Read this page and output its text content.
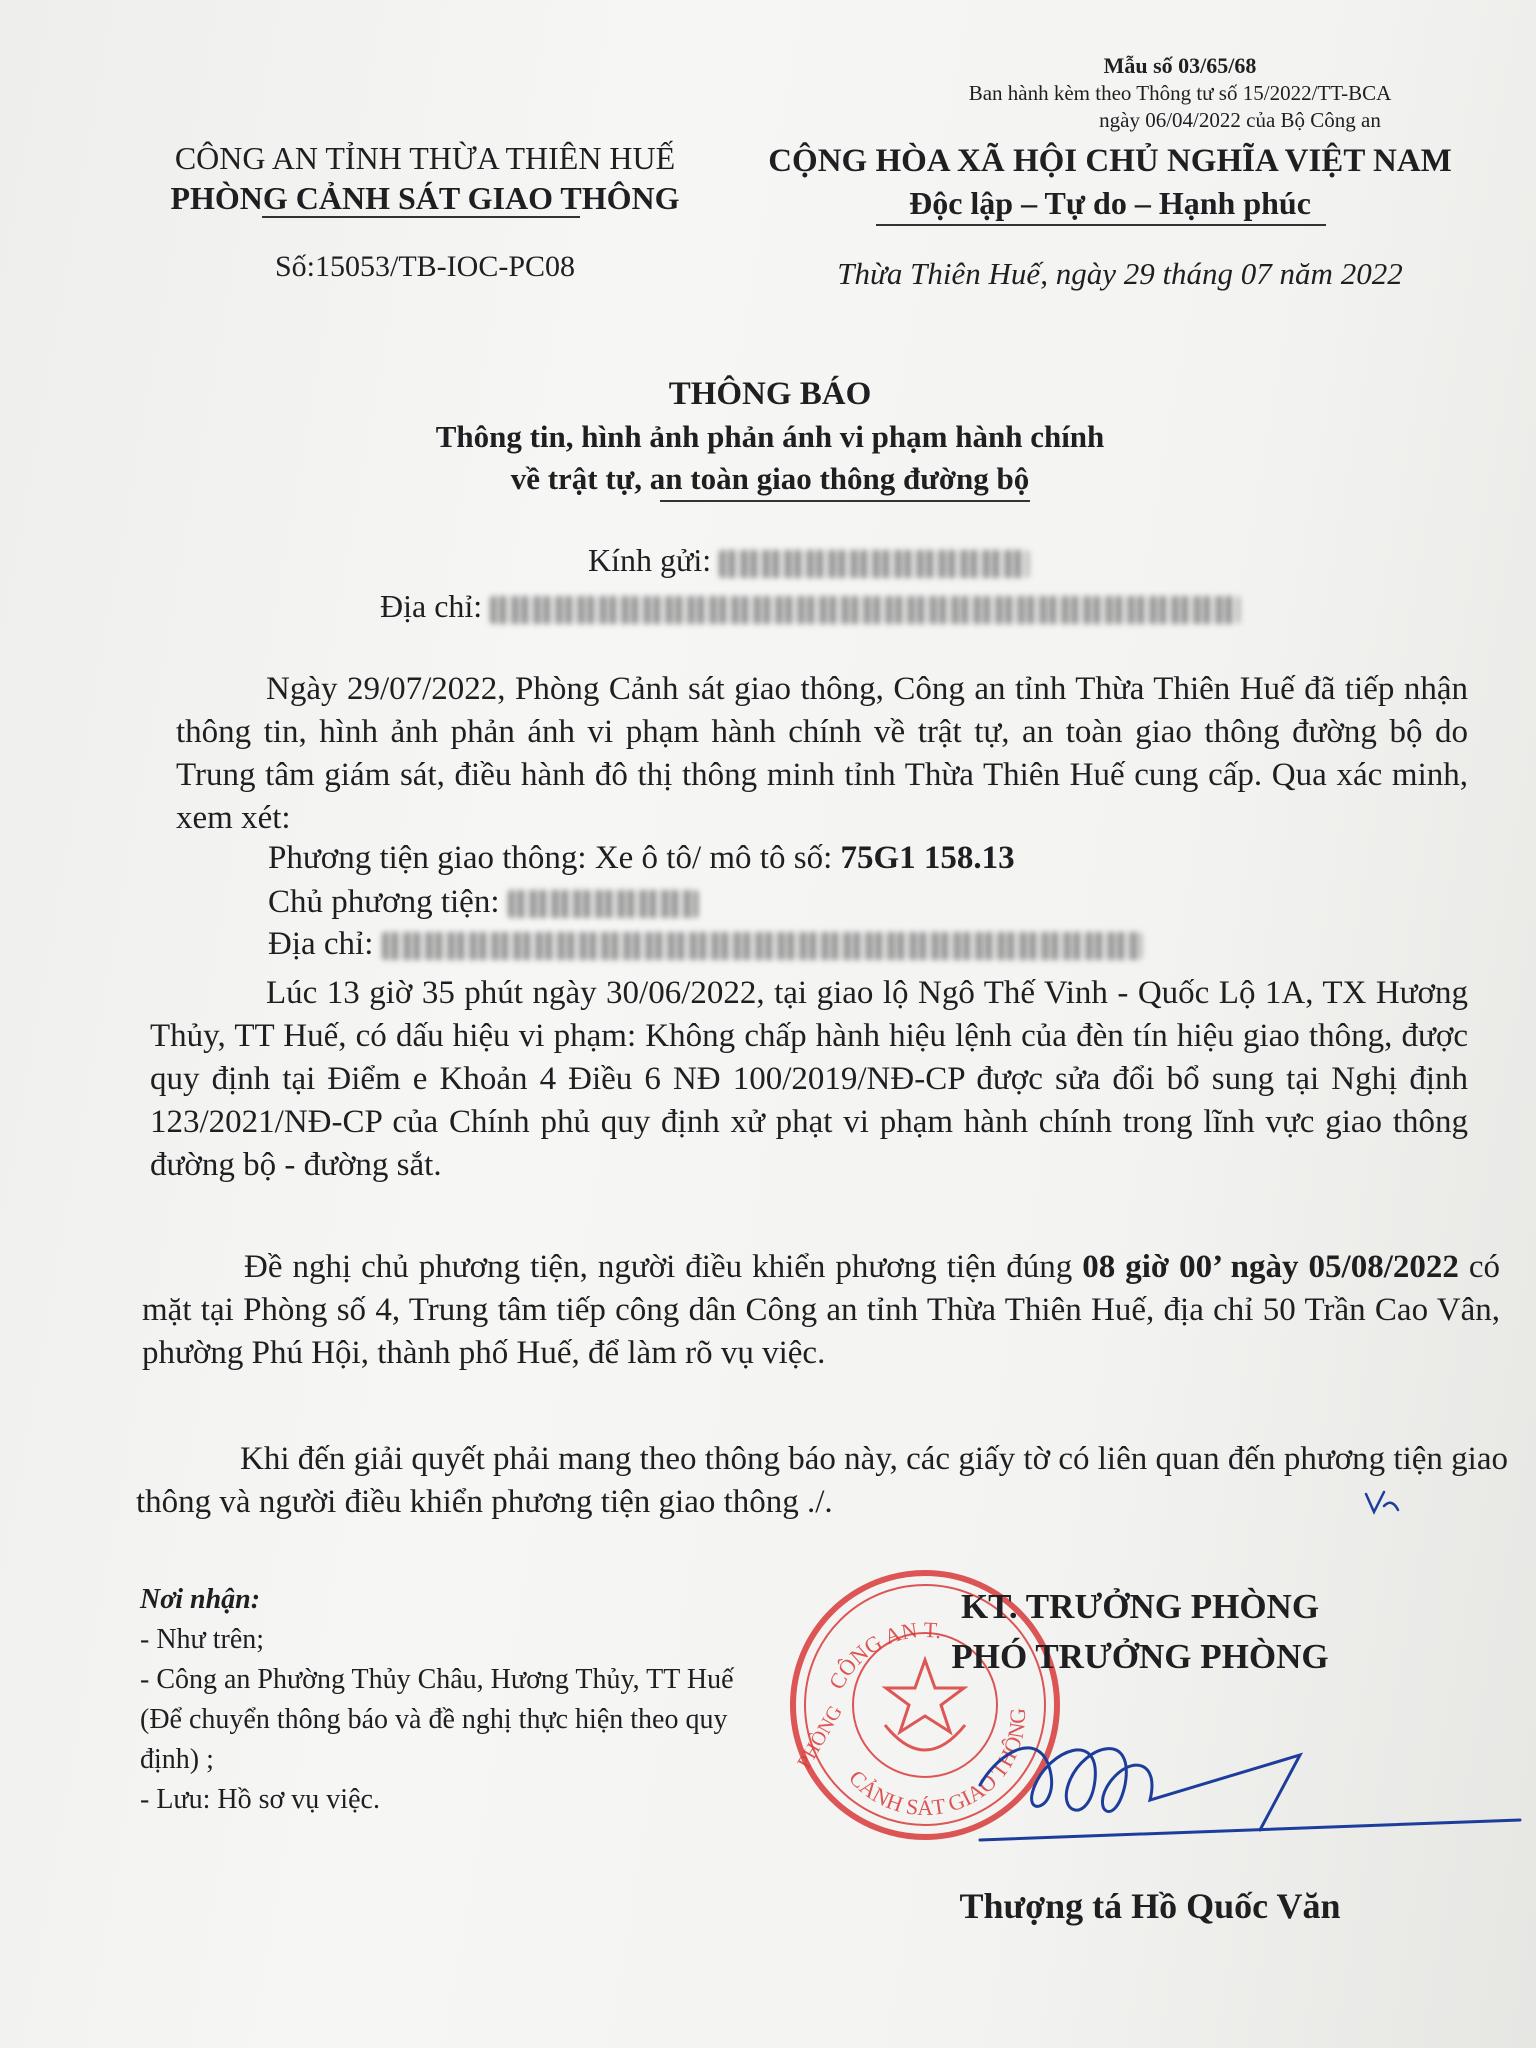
Mẫu số 03/65/68
Ban hành kèm theo Thông tư số 15/2022/TT-BCA
ngày 06/04/2022 của Bộ Công an
CÔNG AN TỈNH THỪA THIÊN HUẾ
PHÒNG CẢNH SÁT GIAO THÔNG
Số:15053/TB-IOC-PC08
CỘNG HÒA XÃ HỘI CHỦ NGHĨA VIỆT NAM
Độc lập – Tự do – Hạnh phúc
Thừa Thiên Huế, ngày 29 tháng 07 năm 2022
THÔNG BÁO
Thông tin, hình ảnh phản ánh vi phạm hành chính
về trật tự, an toàn giao thông đường bộ
Kính gửi:
Địa chỉ:
Ngày 29/07/2022, Phòng Cảnh sát giao thông, Công an tỉnh Thừa Thiên Huế đã tiếp nhận thông tin, hình ảnh phản ánh vi phạm hành chính về trật tự, an toàn giao thông đường bộ do Trung tâm giám sát, điều hành đô thị thông minh tỉnh Thừa Thiên Huế cung cấp. Qua xác minh, xem xét:
Phương tiện giao thông: Xe ô tô/ mô tô số: 75G1 158.13
Chủ phương tiện:
Địa chỉ:
Lúc 13 giờ 35 phút ngày 30/06/2022, tại giao lộ Ngô Thế Vinh - Quốc Lộ 1A, TX Hương Thủy, TT Huế, có dấu hiệu vi phạm: Không chấp hành hiệu lệnh của đèn tín hiệu giao thông, được quy định tại Điểm e Khoản 4 Điều 6 NĐ 100/2019/NĐ-CP được sửa đổi bổ sung tại Nghị định 123/2021/NĐ-CP của Chính phủ quy định xử phạt vi phạm hành chính trong lĩnh vực giao thông đường bộ - đường sắt.
Đề nghị chủ phương tiện, người điều khiển phương tiện đúng 08 giờ 00’ ngày 05/08/2022 có mặt tại Phòng số 4, Trung tâm tiếp công dân Công an tỉnh Thừa Thiên Huế, địa chỉ 50 Trần Cao Vân, phường Phú Hội, thành phố Huế, để làm rõ vụ việc.
Khi đến giải quyết phải mang theo thông báo này, các giấy tờ có liên quan đến phương tiện giao thông và người điều khiển phương tiện giao thông ./.
Nơi nhận:
- Như trên;
- Công an Phường Thủy Châu, Hương Thủy, TT Huế (Để chuyển thông báo và đề nghị thực hiện theo quy định) ;
- Lưu: Hồ sơ vụ việc.
CÔNG AN T.
CẢNH SÁT GIAO THÔNG
PHÒNG
KT. TRƯỞNG PHÒNG
PHÓ TRƯỞNG PHÒNG
Thượng tá Hồ Quốc Văn
